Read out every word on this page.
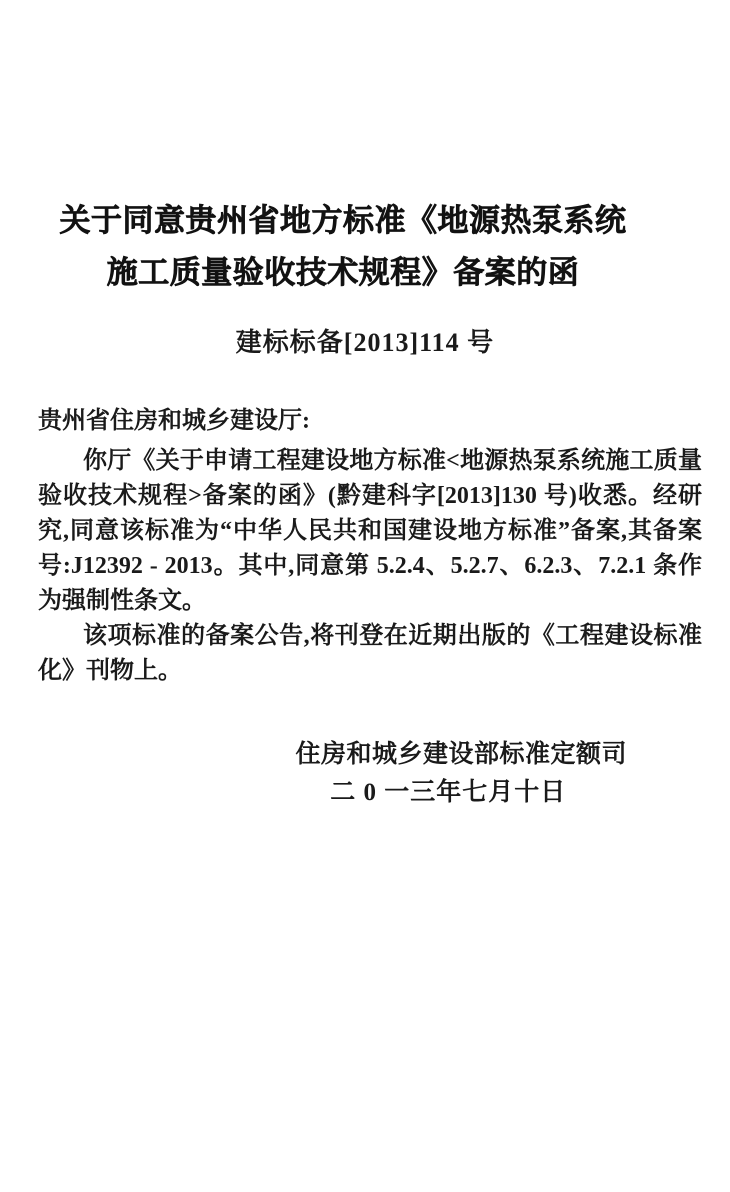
关于同意贵州省地方标准《地源热泵系统
施工质量验收技术规程》备案的函
建标标备[2013]114 号
贵州省住房和城乡建设厅:
你厅《关于申请工程建设地方标准<地源热泵系统施工质量
验收技术规程>备案的函》(黔建科字[2013]130 号)收悉。经研
究,同意该标准为“中华人民共和国建设地方标准”备案,其备案
号:J12392 - 2013。其中,同意第 5.2.4、5.2.7、6.2.3、7.2.1 条作
为强制性条文。
该项标准的备案公告,将刊登在近期出版的《工程建设标准
化》刊物上。
住房和城乡建设部标准定额司
二 0 一三年七月十日
